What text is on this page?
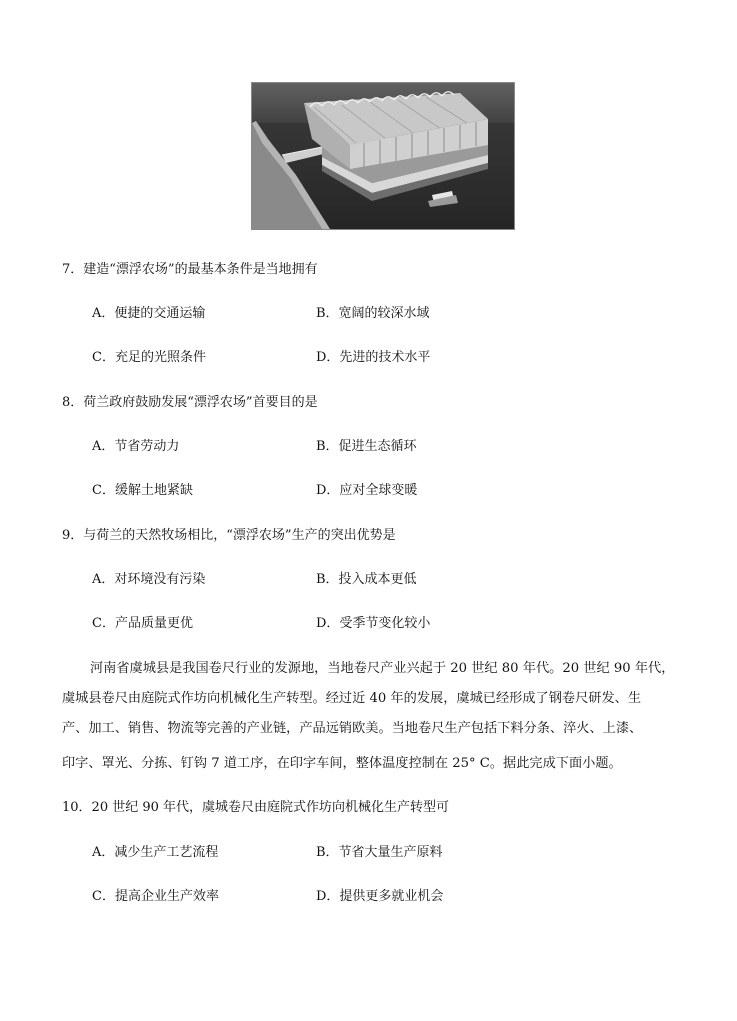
7．建造“漂浮农场”的最基本条件是当地拥有
A．便捷的交通运输	B．宽阔的较深水域
C．充足的光照条件	D．先进的技术水平
8．荷兰政府鼓励发展“漂浮农场”首要目的是
A．节省劳动力	B．促进生态循环
C．缓解土地紧缺	D．应对全球变暖
9．与荷兰的天然牧场相比，“漂浮农场”生产的突出优势是
A．对环境没有污染	B．投入成本更低
C．产品质量更优	D．受季节变化较小
河南省虞城县是我国卷尺行业的发源地，当地卷尺产业兴起于 20 世纪 80 年代。20 世纪 90 年代，
虞城县卷尺由庭院式作坊向机械化生产转型。经过近 40 年的发展，虞城已经形成了钢卷尺研发、生
产、加工、销售、物流等完善的产业链，产品远销欧美。当地卷尺生产包括下料分条、淬火、上漆、
印字、罩光、分拣、钉钩 7 道工序，在印字车间，整体温度控制在 25° C。据此完成下面小题。
10．20 世纪 90 年代，虞城卷尺由庭院式作坊向机械化生产转型可
A．减少生产工艺流程	B．节省大量生产原料
C．提高企业生产效率	D．提供更多就业机会
